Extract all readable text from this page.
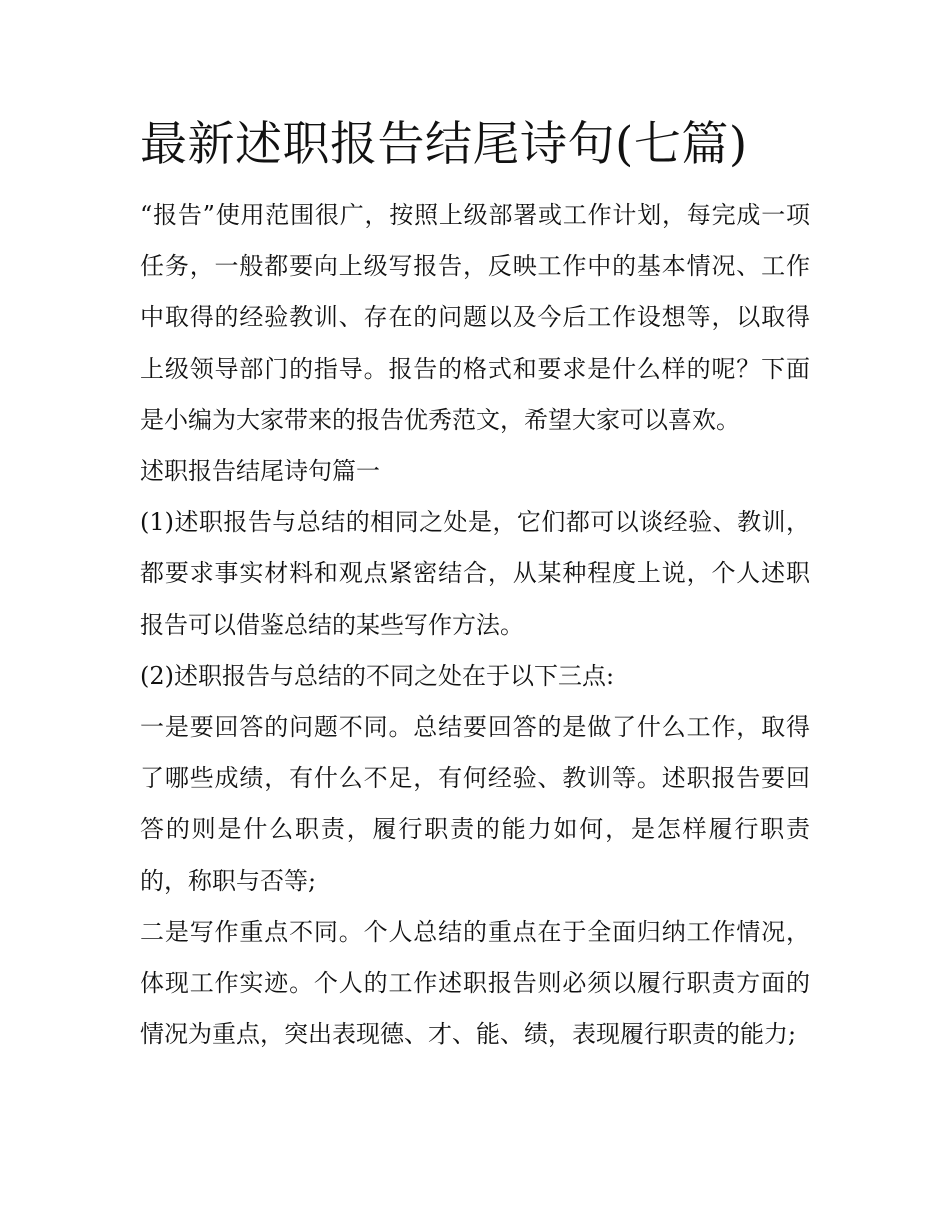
最新述职报告结尾诗句(七篇)

“报告”使用范围很广，按照上级部署或工作计划，每完成一项任务，一般都要向上级写报告，反映工作中的基本情况、工作中取得的经验教训、存在的问题以及今后工作设想等，以取得上级领导部门的指导。报告的格式和要求是什么样的呢？下面是小编为大家带来的报告优秀范文，希望大家可以喜欢。

述职报告结尾诗句篇一

(1)述职报告与总结的相同之处是，它们都可以谈经验、教训，都要求事实材料和观点紧密结合，从某种程度上说，个人述职报告可以借鉴总结的某些写作方法。

(2)述职报告与总结的不同之处在于以下三点:

一是要回答的问题不同。总结要回答的是做了什么工作，取得了哪些成绩，有什么不足，有何经验、教训等。述职报告要回答的则是什么职责，履行职责的能力如何，是怎样履行职责的，称职与否等;

二是写作重点不同。个人总结的重点在于全面归纳工作情况，体现工作实迹。个人的工作述职报告则必须以履行职责方面的情况为重点，突出表现德、才、能、绩，表现履行职责的能力;
